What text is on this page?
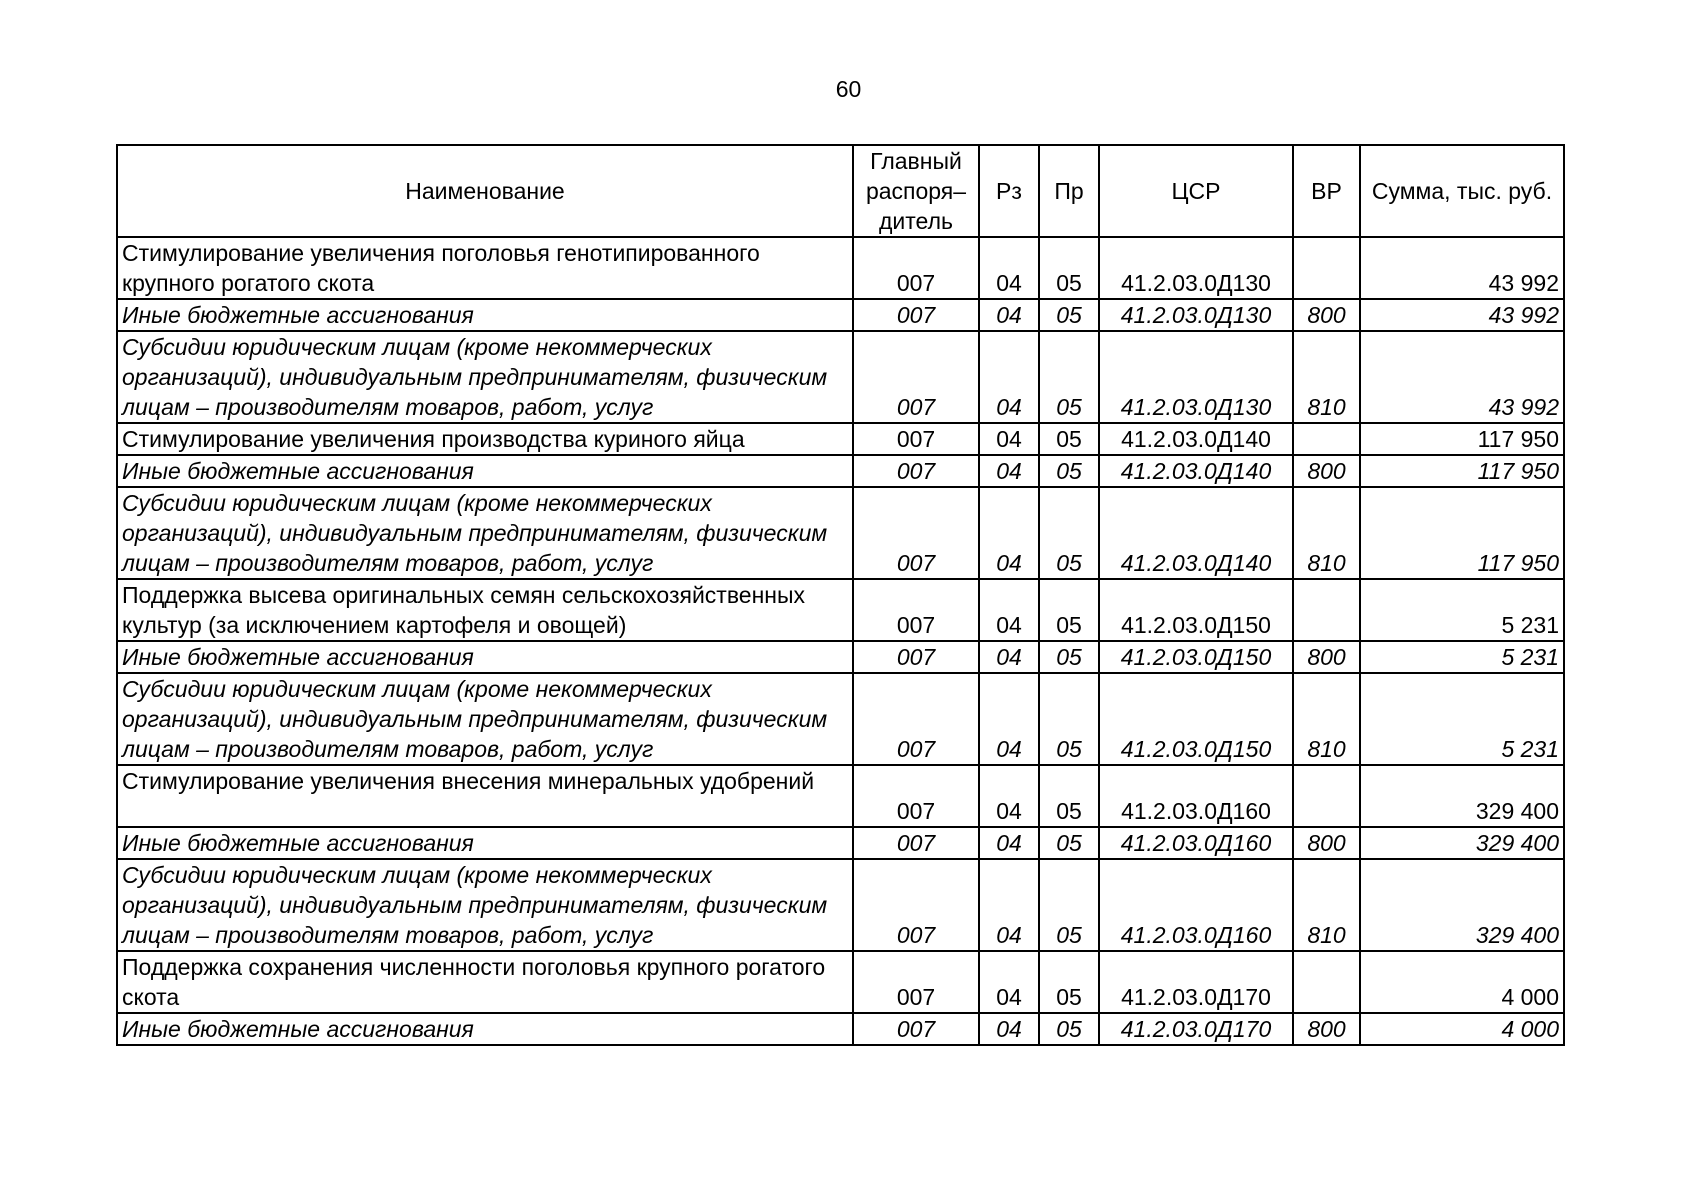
60
Наименование	Главный распоря– дитель	Рз	Пр	ЦСР	ВР	Сумма, тыс. руб.
Стимулирование увеличения поголовья генотипированного крупного рогатого скота	007	04	05	41.2.03.0Д130		43 992
Иные бюджетные ассигнования	007	04	05	41.2.03.0Д130	800	43 992
Субсидии юридическим лицам (кроме некоммерческих организаций), индивидуальным предпринимателям, физическим лицам – производителям товаров, работ, услуг	007	04	05	41.2.03.0Д130	810	43 992
Стимулирование увеличения производства куриного яйца	007	04	05	41.2.03.0Д140		117 950
Иные бюджетные ассигнования	007	04	05	41.2.03.0Д140	800	117 950
Субсидии юридическим лицам (кроме некоммерческих организаций), индивидуальным предпринимателям, физическим лицам – производителям товаров, работ, услуг	007	04	05	41.2.03.0Д140	810	117 950
Поддержка высева оригинальных семян сельскохозяйственных культур (за исключением картофеля и овощей)	007	04	05	41.2.03.0Д150		5 231
Иные бюджетные ассигнования	007	04	05	41.2.03.0Д150	800	5 231
Субсидии юридическим лицам (кроме некоммерческих организаций), индивидуальным предпринимателям, физическим лицам – производителям товаров, работ, услуг	007	04	05	41.2.03.0Д150	810	5 231
Стимулирование увеличения внесения минеральных удобрений	007	04	05	41.2.03.0Д160		329 400
Иные бюджетные ассигнования	007	04	05	41.2.03.0Д160	800	329 400
Субсидии юридическим лицам (кроме некоммерческих организаций), индивидуальным предпринимателям, физическим лицам – производителям товаров, работ, услуг	007	04	05	41.2.03.0Д160	810	329 400
Поддержка сохранения численности поголовья крупного рогатого скота	007	04	05	41.2.03.0Д170		4 000
Иные бюджетные ассигнования	007	04	05	41.2.03.0Д170	800	4 000
